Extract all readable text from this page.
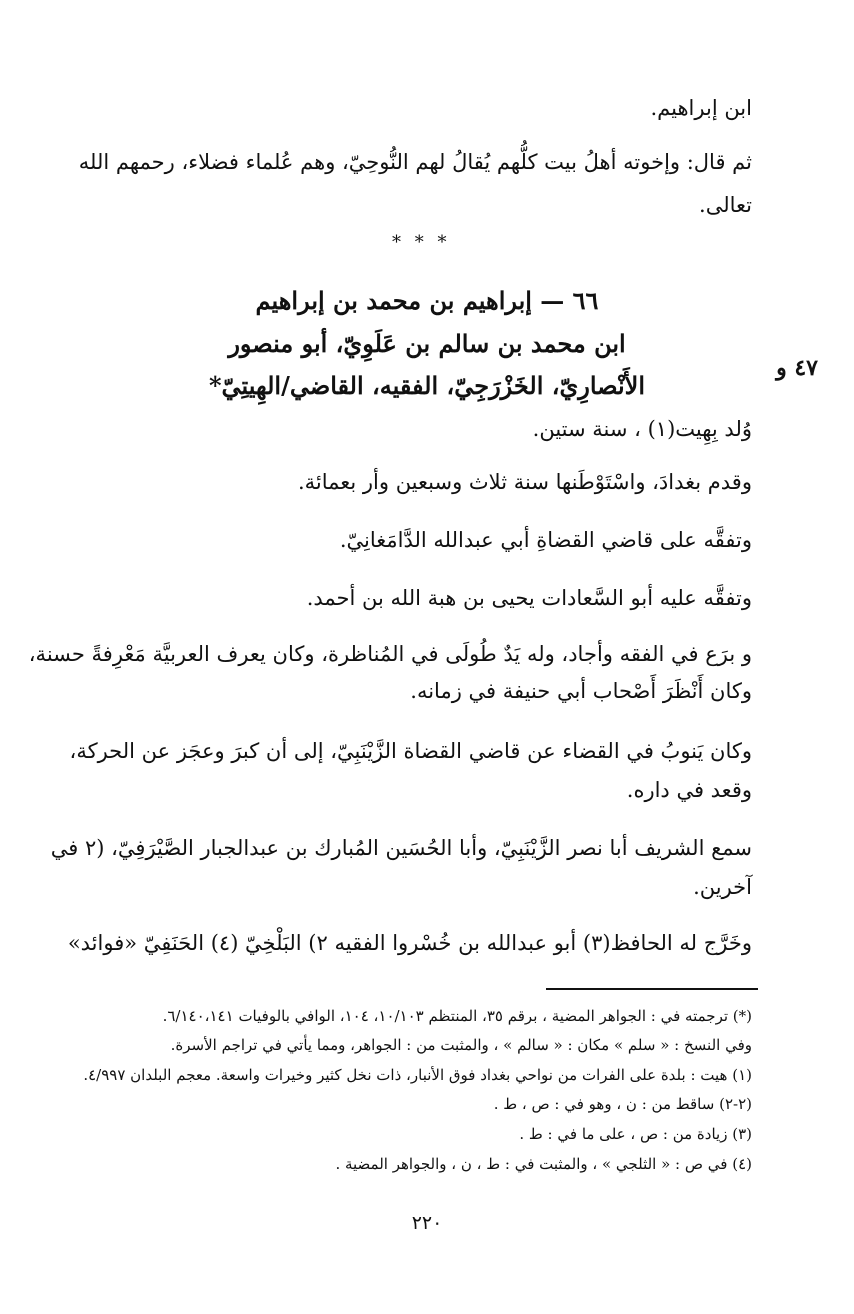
ابن إبراهيم.
ثم قال: وإخوته أهلُ بيت كلُّهم يُقالُ لهم النُّوحِيّ، وهم عُلماء فضلاء، رحمهم الله
تعالى.
* * *
٦٦ — إبراهيم بن محمد بن إبراهيم
ابن محمد بن سالم بن عَلَوِيّ، أبو منصور
الأَنْصارِيّ، الخَزْرَجِيّ، الفقيه، القاضي/الهِيتِيّ*
٤٧ و
وُلد بِهِيت(١) ، سنة ستين.
وقدم بغدادَ، واسْتَوْطَنها سنة ثلاث وسبعين وأر بعمائة.
وتفقَّه على قاضي القضاةِ أبي عبدالله الدَّامَغانِيّ.
وتفقَّه عليه أبو السَّعادات يحيى بن هبة الله بن أحمد.
و برَع في الفقه وأجاد، وله يَدٌ طُولَى في المُناظرة، وكان يعرف العربيَّة مَعْرِفةً حسنة،
وكان أَنْظَرَ أَصْحاب أبي حنيفة في زمانه.
وكان يَنوبُ في القضاء عن قاضي القضاة الزَّيْنَبِيّ، إلى أن كبرَ وعجَز عن الحركة،
وقعد في داره.
سمع الشريف أبا نصر الزَّيْنَبِيّ، وأبا الحُسَين المُبارك بن عبدالجبار الصَّيْرَفِيّ، (٢ في
آخرين.
وخَرَّج له الحافظ(٣) أبو عبدالله بن خُسْروا الفقيه ٢) البَلْخِيّ (٤) الحَنَفِيّ «فوائد»
(*) ترجمته في : الجواهر المضية ، برقم ٣٥، المنتظم ١٠/١٠٣، ١٠٤، الوافي بالوفيات ٦/١٤٠،١٤١.
وفي النسخ : « سلم » مكان : « سالم » ، والمثبت من : الجواهر، ومما يأتي في تراجم الأسرة.
(١) هيت : بلدة على الفرات من نواحي بغداد فوق الأنبار، ذات نخل كثير وخيرات واسعة. معجم البلدان ٤/٩٩٧.
(٢-٢) ساقط من : ن ، وهو في : ص ، ط .
(٣) زيادة من : ص ، على ما في : ط .
(٤) في ص : « الثلجي » ، والمثبت في : ط ، ن ، والجواهر المضية .
٢٢٠
